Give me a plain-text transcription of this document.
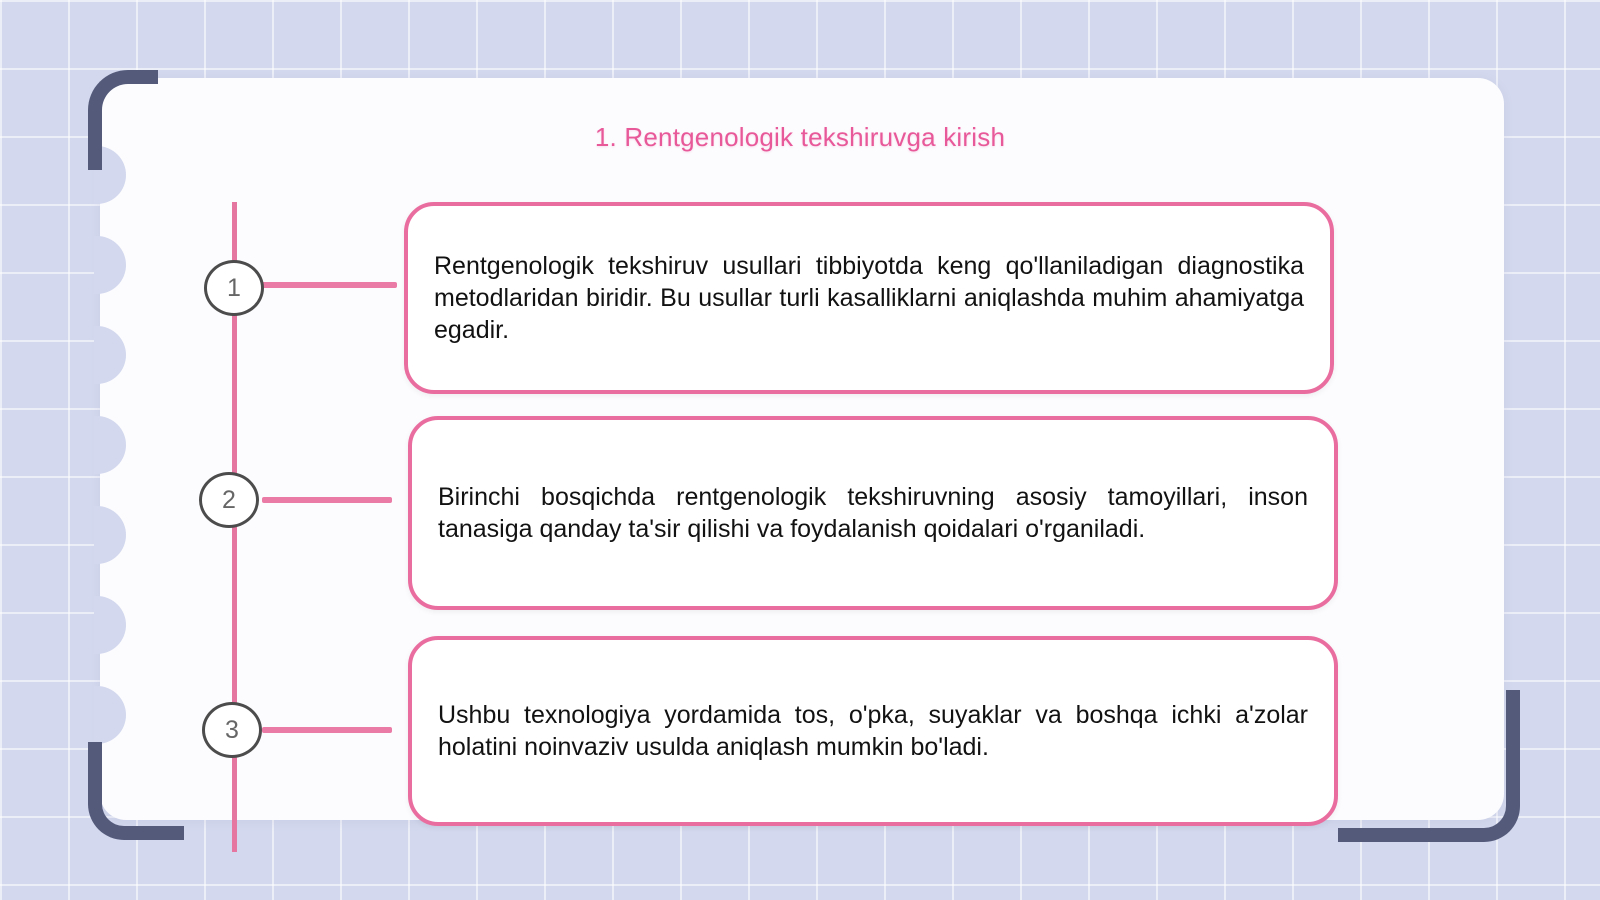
1. Rentgenologik tekshiruvga kirish
1

Rentgenologik tekshiruv usullari tibbiyotda keng qo'llaniladigan diagnostika metodlaridan biridir. Bu usullar turli kasalliklarni aniqlashda muhim ahamiyatga egadir.

2	Birinchi bosqichda rentgenologik tekshiruvning asosiy tamoyillari, inson tanasiga qanday ta'sir qilishi va foydalanish qoidalari o'rganiladi.

3

Ushbu texnologiya yordamida tos, o'pka, suyaklar va boshqa ichki a'zolar holatini noinvaziv usulda aniqlash mumkin bo'ladi.
